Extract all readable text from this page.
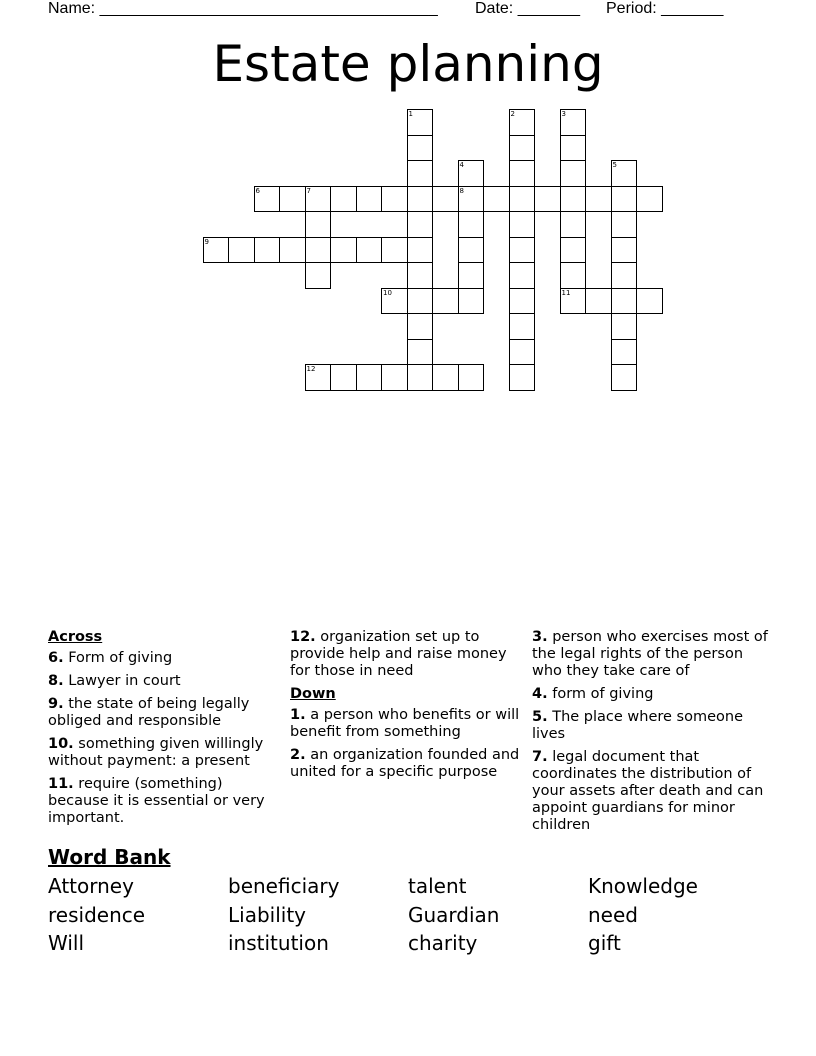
Name: ______________________________________ Date: _______ Period: _______
Estate planning
6	7	8
9
10	11
12
1	2	3
4	5
Across
6. Form of giving
8. Lawyer in court
9. the state of being legally obliged and responsible
10. something given willingly without payment: a present
11. require (something) because it is essential or very important.
12. organization set up to provide help and raise money for those in need
Down
1. a person who benefits or will benefit from something
2. an organization founded and united for a specific purpose
3. person who exercises most of the legal rights of the person who they take care of
4. form of giving
5. The place where someone lives
7. legal document that coordinates the distribution of your assets after death and can appoint guardians for minor children
Word Bank
Attorney	beneficiary	talent	Knowledge
residence	Liability	Guardian	need
Will	institution	charity	gift
